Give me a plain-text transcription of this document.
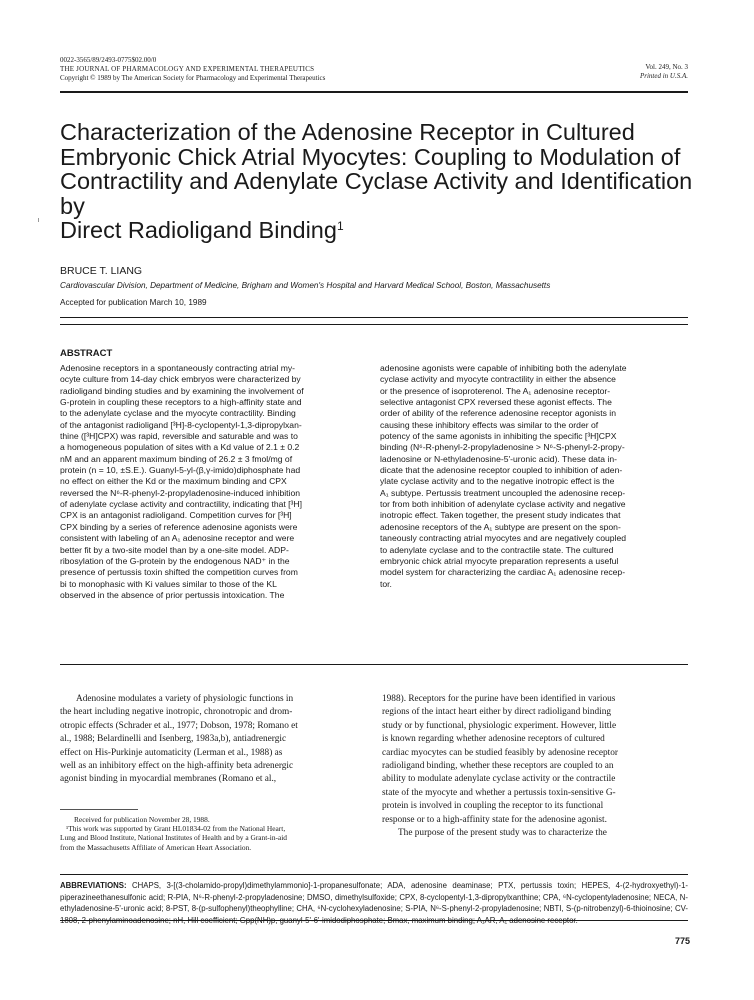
0022-3565/89/2493-0775$02.00/0
THE JOURNAL OF PHARMACOLOGY AND EXPERIMENTAL THERAPEUTICS
Copyright © 1989 by The American Society for Pharmacology and Experimental Therapeutics
Vol. 249, No. 3
Printed in U.S.A.
Characterization of the Adenosine Receptor in Cultured
Embryonic Chick Atrial Myocytes: Coupling to Modulation of
Contractility and Adenylate Cyclase Activity and Identification by
Direct Radioligand Binding$^1$
BRUCE T. LIANG
Cardiovascular Division, Department of Medicine, Brigham and Women's Hospital and Harvard Medical School, Boston, Massachusetts
Accepted for publication March 10, 1989
ABSTRACT
Adenosine receptors in a spontaneously contracting atrial my-
ocyte culture from 14-day chick embryos were characterized by
radioligand binding studies and by examining the involvement of
G-protein in coupling these receptors to a high-affinity state and
to the adenylate cyclase and the myocyte contractility. Binding
of the antagonist radioligand [³H]-8-cyclopentyl-1,3-dipropylxan-
thine ([³H]CPX) was rapid, reversible and saturable and was to
a homogeneous population of sites with a Kd value of 2.1 ± 0.2
nM and an apparent maximum binding of 26.2 ± 3 fmol/mg of
protein (n = 10, ±S.E.). Guanyl-5-yl-(β,γ-imido)diphosphate had
no effect on either the Kd or the maximum binding and CPX
reversed the N⁶-R-phenyl-2-propyladenosine-induced inhibition
of adenylate cyclase activity and contractility, indicating that [³H]
CPX is an antagonist radioligand. Competition curves for [³H]
CPX binding by a series of reference adenosine agonists were
consistent with labeling of an A₁ adenosine receptor and were
better fit by a two-site model than by a one-site model. ADP-
ribosylation of the G-protein by the endogenous NAD⁺ in the
presence of pertussis toxin shifted the competition curves from
bi to monophasic with Ki values similar to those of the KL
observed in the absence of prior pertussis intoxication. The
adenosine agonists were capable of inhibiting both the adenylate
cyclase activity and myocyte contractility in either the absence
or the presence of isoproterenol. The A₁ adenosine receptor-
selective antagonist CPX reversed these agonist effects. The
order of ability of the reference adenosine receptor agonists in
causing these inhibitory effects was similar to the order of
potency of the same agonists in inhibiting the specific [³H]CPX
binding (N⁶-R-phenyl-2-propyladenosine > N⁶-S-phenyl-2-propy-
ladenosine or N-ethyladenosine-5'-uronic acid). These data in-
dicate that the adenosine receptor coupled to inhibition of aden-
ylate cyclase activity and to the negative inotropic effect is the
A₁ subtype. Pertussis treatment uncoupled the adenosine recep-
tor from both inhibition of adenylate cyclase activity and negative
inotropic effect. Taken together, the present study indicates that
adenosine receptors of the A₁ subtype are present on the spon-
taneously contracting atrial myocytes and are negatively coupled
to adenylate cyclase and to the contractile state. The cultured
embryonic chick atrial myocyte preparation represents a useful
model system for characterizing the cardiac A₁ adenosine recep-
tor.
Adenosine modulates a variety of physiologic functions in
the heart including negative inotropic, chronotropic and drom-
otropic effects (Schrader et al., 1977; Dobson, 1978; Romano et
al., 1988; Belardinelli and Isenberg, 1983a,b), antiadrenergic
effect on His-Purkinje automaticity (Lerman et al., 1988) as
well as an inhibitory effect on the high-affinity beta adrenergic
agonist binding in myocardial membranes (Romano et al.,
1988). Receptors for the purine have been identified in various
regions of the intact heart either by direct radioligand binding
study or by functional, physiologic experiment. However, little
is known regarding whether adenosine receptors of cultured
cardiac myocytes can be studied feasibly by adenosine receptor
radioligand binding, whether these receptors are coupled to an
ability to modulate adenylate cyclase activity or the contractile
state of the myocyte and whether a pertussis toxin-sensitive G-
protein is involved in coupling the receptor to its functional
response or to a high-affinity state for the adenosine agonist.
The purpose of the present study was to characterize the
Received for publication November 28, 1988.
¹This work was supported by Grant HL01834-02 from the National Heart,
Lung and Blood Institute, National Institutes of Health and by a Grant-in-aid
from the Massachusetts Affiliate of American Heart Association.
ABBREVIATIONS: CHAPS, 3-[(3-cholamido-propyl)dimethylammonio]-1-propanesulfonate; ADA, adenosine deaminase; PTX, pertussis toxin; HEPES, 4-(2-hydroxyethyl)-1-piperazineethanesulfonic acid; R-PIA, N⁶-R-phenyl-2-propyladenosine; DMSO, dimethylsulfoxide; CPX, 8-cyclopentyl-1,3-dipropylxanthine; CPA, ⁶N-cyclopentyladenosine; NECA, N-ethyladenosine-5'-uronic acid; 8-PST, 8-(p-sulfophenyl)theophylline; CHA, ⁶N-cyclohexyladenosine; S-PIA, N⁶-S-phenyl-2-propyladenosine; NBTI, S-(p-nitrobenzyl)-6-thioinosine; CV-
775
